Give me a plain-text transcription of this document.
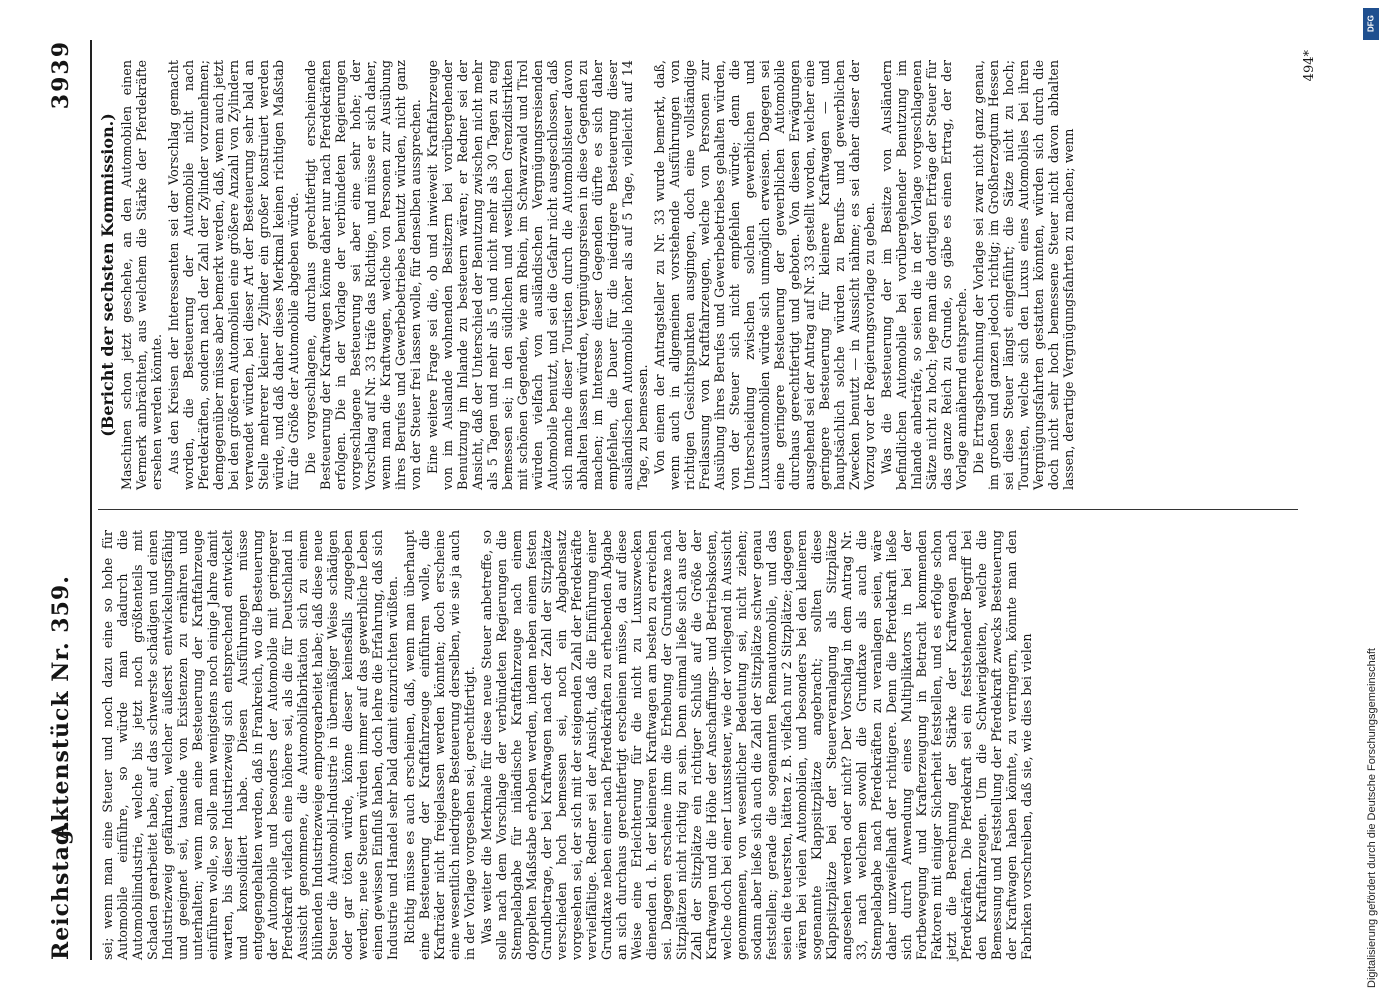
Reichstag.
Aktenstück Nr. 359.
3939

sei; wenn man eine Steuer und noch dazu eine so hohe für Automobile einführe, so würde man dadurch die Automobilindustrie, welche bis jetzt noch größtenteils mit Schaden gearbeitet habe, auf das schwerste schädigen und einen Industriezweig gefährden, welcher äußerst entwickelungsfähig und geeignet sei, tausende von Existenzen zu ernähren und unterhalten; wenn man eine Besteuerung der Kraftfahrzeuge einführen wolle, so solle man wenigstens noch einige Jahre damit warten, bis dieser Industriezweig sich entsprechend entwickelt und konsolidiert habe. Diesen Ausführungen müsse entgegengehalten werden, daß in Frankreich, wo die Besteuerung der Automobile und besonders der Automobile mit geringerer Pferdekraft vielfach eine höhere sei, als die für Deutschland in Aussicht genommene, die Automobilfabrikation sich zu einem blühenden Industriezweige emporgearbeitet habe; daß diese neue Steuer die Automobil-Industrie in übermäßiger Weise schädigen oder gar töten würde, könne dieser keinesfalls zugegeben werden; neue Steuern würden immer auf das gewerbliche Leben einen gewissen Einfluß haben, doch lehre die Erfahrung, daß sich Industrie und Handel sehr bald damit einzurichten wüßten. Richtig müsse es auch erscheinen, daß, wenn man überhaupt eine Besteuerung der Kraftfahrzeuge einführen wolle, die Krafträder nicht freigelassen werden könnten; doch erscheine eine wesentlich niedrigere Besteuerung derselben, wie sie ja auch in der Vorlage vorgesehen sei, gerechtfertigt. Was weiter die Merkmale für diese neue Steuer anbetreffe, so solle nach dem Vorschlage der verbündeten Regierungen die Stempelabgabe für inländische Kraftfahrzeuge nach einem doppelten Maßstabe erhoben werden, indem neben einem festen Grundbetrage, der bei Kraftwagen nach der Zahl der Sitzplätze verschieden hoch bemessen sei, noch ein Abgabensatz vorgesehen sei, der sich mit der steigenden Zahl der Pferdekräfte vervielfältige. Redner sei der Ansicht, daß die Einführung einer Grundtaxe neben einer nach Pferdekräften zu erhebenden Abgabe an sich durchaus gerechtfertigt erscheinen müsse, da auf diese Weise eine Erleichterung für die nicht zu Luxuszwecken dienenden d. h. der kleineren Kraftwagen am besten zu erreichen sei. Dagegen erscheine ihm die Erhebung der Grundtaxe nach Sitzplätzen nicht richtig zu sein. Denn einmal ließe sich aus der Zahl der Sitzplätze ein richtiger Schluß auf die Größe der Kraftwagen und die Höhe der Anschaffungs- und Betriebskosten, welche doch bei einer Luxussteuer, wie der vorliegend in Aussicht genommenen, von wesentlicher Bedeutung sei, nicht ziehen; sodann aber ließe sich auch die Zahl der Sitzplätze schwer genau feststellen; gerade die sogenannten Rennautomobile, und das seien die teuersten, hätten z. B. vielfach nur 2 Sitzplätze; dagegen wären bei vielen Automobilen, und besonders bei den kleineren sogenannte Klappsitzplätze angebracht; sollten diese Klappsitzplätze bei der Steuerveranlagung als Sitzplätze angesehen werden oder nicht? Der Vorschlag in dem Antrag Nr. 33, nach welchem sowohl die Grundtaxe als auch die Stempelabgabe nach Pferdekräften zu veranlagen seien, wäre daher unzweifelhaft der richtigere. Denn die Pferdekraft ließe sich durch Anwendung eines Multiplikators in bei der Fortbewegung und Krafterzeugung in Betracht kommenden Faktoren mit einiger Sicherheit feststellen, und es erfolge schon jetzt die Berechnung der Stärke der Kraftwagen nach Pferdekräften. Die Pferdekraft sei ein feststehender Begriff bei den Kraftfahrzeugen. Um die Schwierigkeiten, welche die Bemessung und Feststellung der Pferdekraft zwecks Besteuerung der Kraftwagen haben könnte, zu verringern, könnte man den Fabriken vorschreiben, daß sie, wie dies bei vielen

(Bericht der sechsten Kommission.) Maschinen schon jetzt geschehe, an den Automobilen einen Vermerk anbrächten, aus welchem die Stärke der Pferdekräfte ersehen werden könnte. Aus den Kreisen der Interessenten sei der Vorschlag gemacht worden, die Besteuerung der Automobile nicht nach Pferdekräften, sondern nach der Zahl der Zylinder vorzunehmen; demgegenüber müsse aber bemerkt werden, daß, wenn auch jetzt bei den größeren Automobilen eine größere Anzahl von Zylindern verwendet würden, bei dieser Art der Besteuerung sehr bald an Stelle mehrerer kleiner Zylinder ein großer konstruiert werden würde, und daß daher dieses Merkmal keinen richtigen Maßstab für die Größe der Automobile abgeben würde. Die vorgeschlagene, durchaus gerechtfertigt erscheinende Besteuerung der Kraftwagen könne daher nur nach Pferdekräften erfolgen. Die in der Vorlage der verbündeten Regierungen vorgeschlagene Besteuerung sei aber eine sehr hohe; der Vorschlag auf Nr. 33 träfe das Richtige, und müsse er sich daher, wenn man die Kraftwagen, welche von Personen zur Ausübung ihres Berufes und Gewerbebetriebes benutzt würden, nicht ganz von der Steuer frei lassen wolle, für denselben aussprechen. Eine weitere Frage sei die, ob und inwieweit Kraftfahrzeuge von im Auslande wohnenden Besitzern bei vorübergehender Benutzung im Inlande zu besteuern wären; er Redner sei der Ansicht, daß der Unterschied der Benutzung zwischen nicht mehr als 5 Tagen und mehr als 5 und nicht mehr als 30 Tagen zu eng bemessen sei; in den südlichen und westlichen Grenzdistrikten mit schönen Gegenden, wie am Rhein, im Schwarzwald und Tirol würden vielfach von ausländischen Vergnügungsreisenden Automobile benutzt, und sei die Gefahr nicht ausgeschlossen, daß sich manche dieser Touristen durch die Automobilsteuer davon abhalten lassen würden, Vergnügungsreisen in diese Gegenden zu machen; im Interesse dieser Gegenden dürfte es sich daher empfehlen, die Dauer für die niedrigere Besteuerung dieser ausländischen Automobile höher als auf 5 Tage, vielleicht auf 14 Tage, zu bemessen. Von einem der Antragsteller zu Nr. 33 wurde bemerkt, daß, wenn auch in allgemeinen vorstehende Ausführungen von richtigen Gesichtspunkten ausgingen, doch eine vollständige Freilassung von Kraftfahrzeugen, welche von Personen zur Ausübung ihres Berufes und Gewerbebetriebes gehalten würden, von der Steuer sich nicht empfehlen würde; denn die Unterscheidung zwischen solchen gewerblichen und Luxusautomobilen würde sich unmöglich erweisen. Dagegen sei eine geringere Besteuerung der gewerblichen Automobile durchaus gerechtfertigt und geboten. Von diesen Erwägungen ausgehend sei der Antrag auf Nr. 33 gestellt worden, welcher eine geringere Besteuerung für kleinere Kraftwagen — und hauptsächlich solche würden zu Berufs- und gewerblichen Zwecken benutzt — in Aussicht nähme; es sei daher dieser der Vorzug vor der Regierungsvorlage zu geben. Was die Besteuerung der im Besitze von Ausländern befindlichen Automobile bei vorübergehender Benutzung im Inlande anbeträfe, so seien die in der Vorlage vorgeschlagenen Sätze nicht zu hoch; lege man die dortigen Erträge der Steuer für das ganze Reich zu Grunde, so gäbe es einen Ertrag, der der Vorlage annähernd entspreche. Die Ertragsberechnung der Vorlage sei zwar nicht ganz genau, im großen und ganzen jedoch richtig; im Großherzogtum Hessen sei diese Steuer längst eingeführt; die Sätze nicht zu hoch; Touristen, welche sich den Luxus eines Automobiles bei ihren Vergnügungsfahrten gestatten könnten, würden sich durch die doch nicht sehr hoch bemessene Steuer nicht davon abhalten lassen, derartige Vergnügungsfahrten zu machen; wenn

494*
DFG
Digitalisierung gefördert durch die Deutsche Forschungsgemeinschaft
